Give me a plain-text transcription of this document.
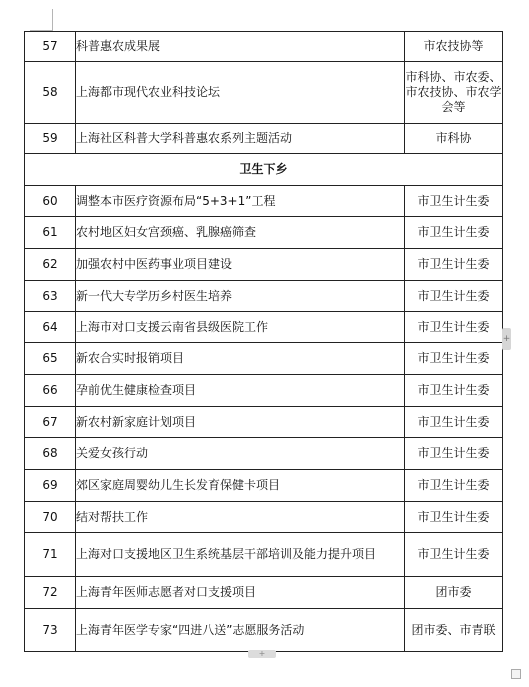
57	科普惠农成果展	市农技协等
58	上海都市现代农业科技论坛	市科协、市农委、市农技协、市农学会等
59	上海社区科普大学科普惠农系列主题活动	市科协
卫生下乡		
60	调整本市医疗资源布局“5+3+1”工程	市卫生计生委
61	农村地区妇女宫颈癌、乳腺癌筛查	市卫生计生委
62	加强农村中医药事业项目建设	市卫生计生委
63	新一代大专学历乡村医生培养	市卫生计生委
64	上海市对口支援云南省县级医院工作	市卫生计生委
65	新农合实时报销项目	市卫生计生委
66	孕前优生健康检查项目	市卫生计生委
67	新农村新家庭计划项目	市卫生计生委
68	关爱女孩行动	市卫生计生委
69	郊区家庭周婴幼儿生长发育保健卡项目	市卫生计生委
70	结对帮扶工作	市卫生计生委
71	上海对口支援地区卫生系统基层干部培训及能力提升项目	市卫生计生委
72	上海青年医师志愿者对口支援项目	团市委
73	上海青年医学专家“四进八送”志愿服务活动	团市委、市青联
+
+
